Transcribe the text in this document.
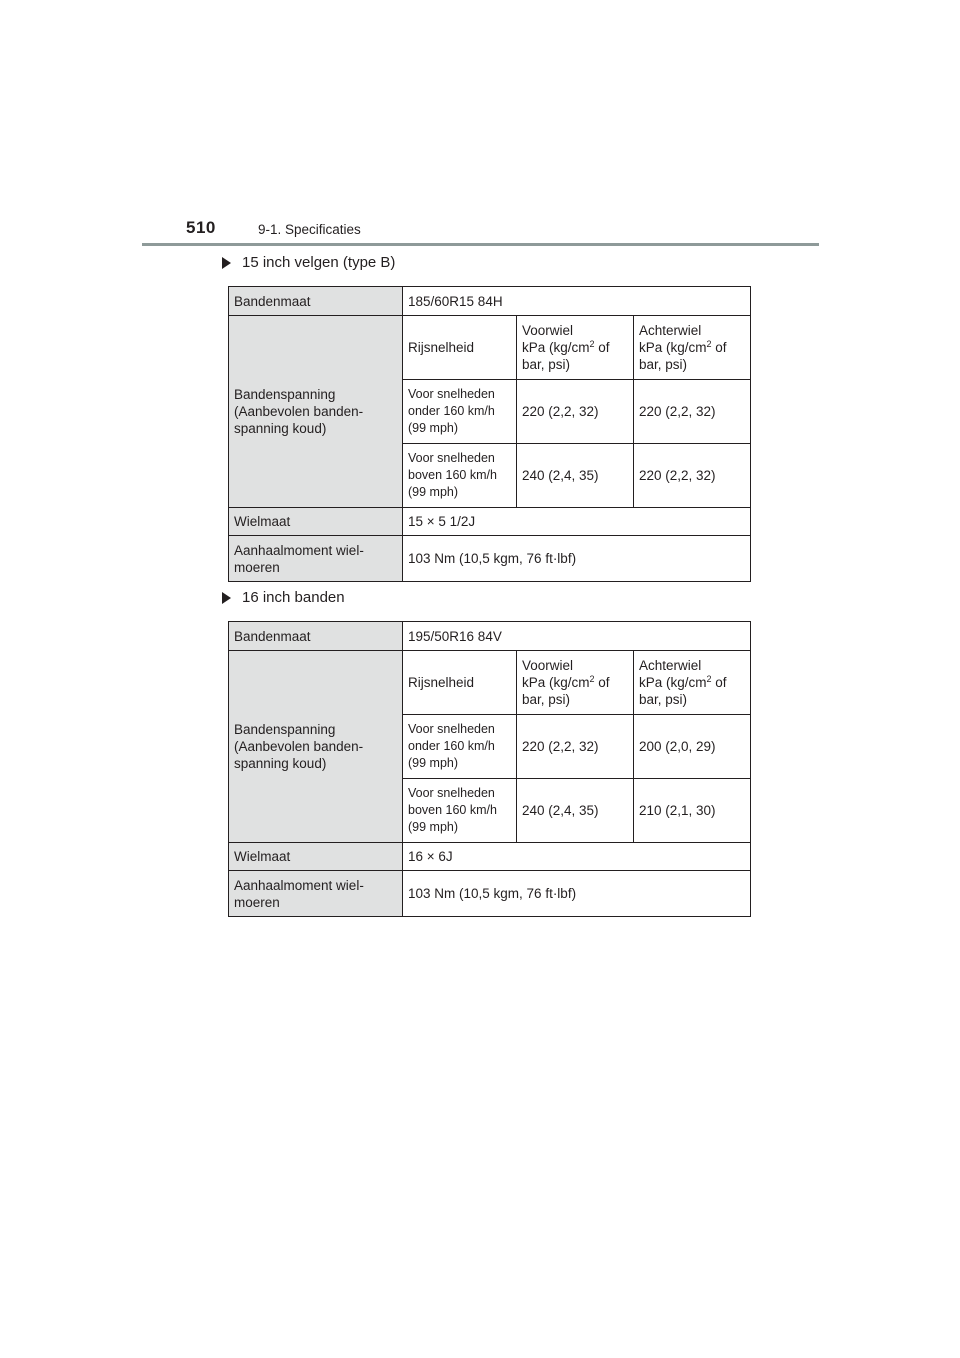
510	9-1. Specificaties
15 inch velgen (type B)
Bandenmaat	185/60R15 84H		
Bandenspanning
(Aanbevolen banden-
spanning koud)	Rijsnelheid	Voorwiel
kPa ($kg/cm^2$ of
bar, psi)	Achterwiel
kPa ($kg/cm^2$ of
bar, psi)
	Voor snelheden
onder 160 km/h
(99 mph)	220 (2,2, 32)	220 (2,2, 32)
	Voor snelheden
boven 160 km/h
(99 mph)	240 (2,4, 35)	220 (2,2, 32)
Wielmaat	15 × 5 1/2J		
Aanhaalmoment wiel-
moeren	103 Nm (10,5 kgm, 76 ft·lbf)		
16 inch banden
Bandenmaat	195/50R16 84V		
Bandenspanning
(Aanbevolen banden-
spanning koud)	Rijsnelheid	Voorwiel
kPa ($kg/cm^2$ of
bar, psi)	Achterwiel
kPa ($kg/cm^2$ of
bar, psi)
	Voor snelheden
onder 160 km/h
(99 mph)	220 (2,2, 32)	200 (2,0, 29)
	Voor snelheden
boven 160 km/h
(99 mph)	240 (2,4, 35)	210 (2,1, 30)
Wielmaat	16 × 6J		
Aanhaalmoment wiel-
moeren	103 Nm (10,5 kgm, 76 ft·lbf)		
